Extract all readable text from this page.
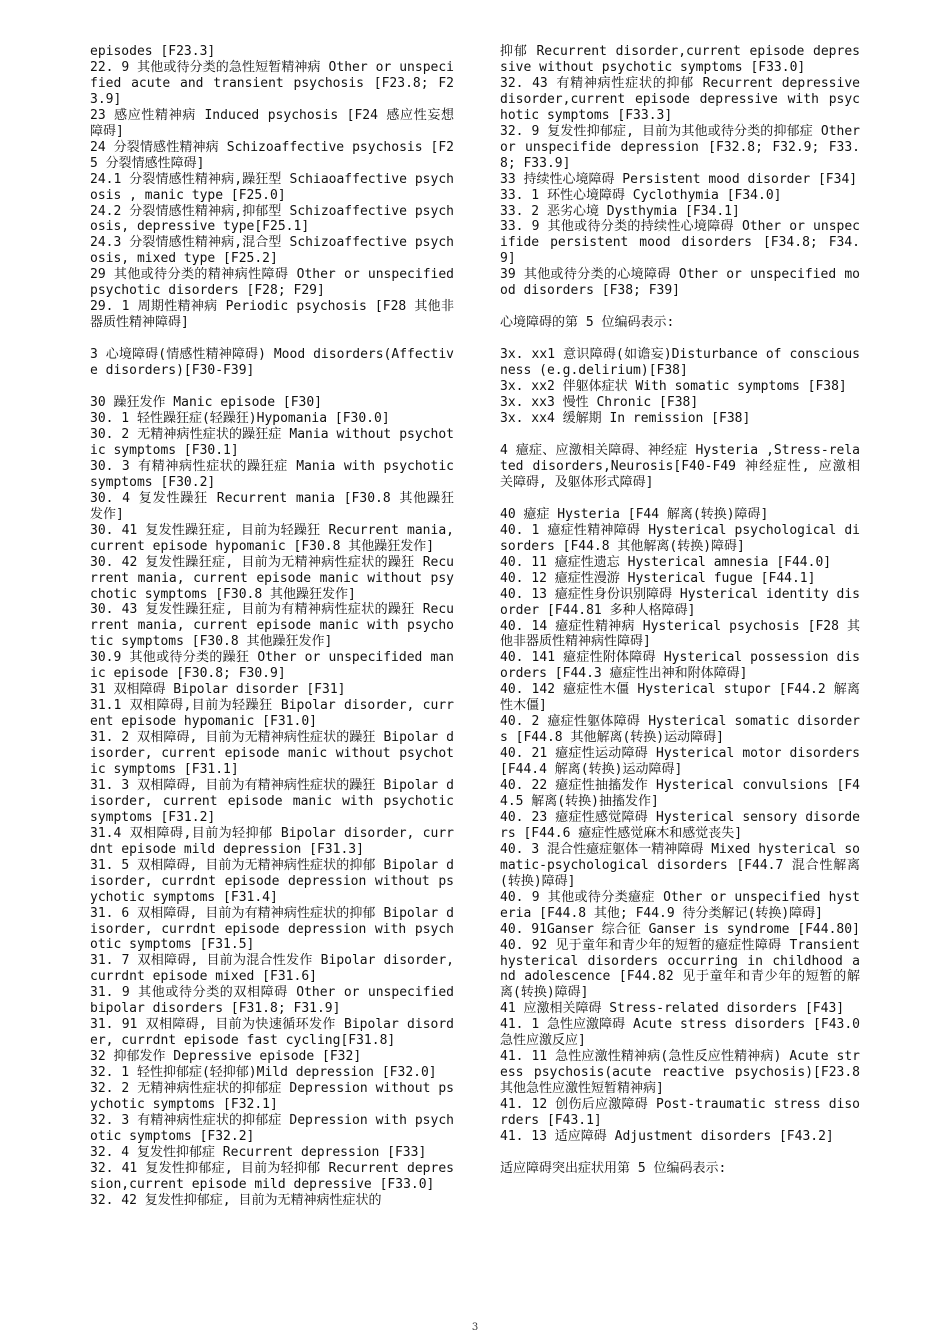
episodes [F23.3]
22. 9 其他或待分类的急性短暂精神病 Other or unspecified acute and transient psychosis [F23.8; F23.9]
23 感应性精神病 Induced psychosis [F24 感应性妄想障碍]
24 分裂情感性精神病 Schizoaffective psychosis [F25 分裂情感性障碍]
24.1 分裂情感性精神病,躁狂型 Schiaoaffective psychosis , manic type [F25.0]
24.2 分裂情感性精神病,抑郁型 Schizoaffective psychosis, depressive type[F25.1]
24.3 分裂情感性精神病,混合型 Schizoaffective psychosis, mixed type [F25.2]
29 其他或待分类的精神病性障碍 Other or unspecified psychotic disorders [F28; F29]
29. 1 周期性精神病 Periodic psychosis [F28 其他非器质性精神障碍]
3 心境障碍(情感性精神障碍) Mood disorders(Affective disorders)[F30-F39]
30 躁狂发作 Manic episode [F30]
30. 1 轻性躁狂症(轻躁狂)Hypomania [F30.0]
30. 2 无精神病性症状的躁狂症 Mania without psychotic symptoms [F30.1]
30. 3 有精神病性症状的躁狂症 Mania with psychotic symptoms [F30.2]
30. 4 复发性躁狂 Recurrent mania [F30.8 其他躁狂发作]
30. 41 复发性躁狂症, 目前为轻躁狂 Recurrent mania, current episode hypomanic [F30.8 其他躁狂发作]
30. 42 复发性躁狂症, 目前为无精神病性症状的躁狂 Recurrent mania, current episode manic without psychotic symptoms [F30.8 其他躁狂发作]
30. 43 复发性躁狂症, 目前为有精神病性症状的躁狂 Recurrent mania, current episode manic with psychotic symptoms [F30.8 其他躁狂发作]
30.9 其他或待分类的躁狂 Other or unspecifided manic episode [F30.8; F30.9]
31 双相障碍 Bipolar disorder [F31]
31.1 双相障碍,目前为轻躁狂 Bipolar disorder, current episode hypomanic [F31.0]
31. 2 双相障碍, 目前为无精神病性症状的躁狂 Bipolar disorder, current episode manic without psychotic symptoms [F31.1]
31. 3 双相障碍, 目前为有精神病性症状的躁狂 Bipolar disorder, current episode manic with psychotic symptoms [F31.2]
31.4 双相障碍,目前为轻抑郁 Bipolar disorder, currdnt episode mild depression [F31.3]
31. 5 双相障碍, 目前为无精神病性症状的抑郁 Bipolar disorder, currdnt episode depression without psychotic symptoms [F31.4]
31. 6 双相障碍, 目前为有精神病性症状的抑郁 Bipolar disorder, currdnt episode depression with psychotic symptoms [F31.5]
31. 7 双相障碍, 目前为混合性发作 Bipolar disorder, currdnt episode mixed [F31.6]
31. 9 其他或待分类的双相障碍 Other or unspecified bipolar disorders [F31.8; F31.9]
31. 91 双相障碍, 目前为快速循环发作 Bipolar disorder, currdnt episode fast cycling[F31.8]
32 抑郁发作 Depressive episode [F32]
32. 1 轻性抑郁症(轻抑郁)Mild depression [F32.0]
32. 2 无精神病性症状的抑郁症 Depression without psychotic symptoms [F32.1]
32. 3 有精神病性症状的抑郁症 Depression with psychotic symptoms [F32.2]
32. 4 复发性抑郁症 Recurrent depression [F33]
32. 41 复发性抑郁症, 目前为轻抑郁 Recurrent depression,current episode mild depressive [F33.0]
32. 42 复发性抑郁症, 目前为无精神病性症状的
抑郁 Recurrent disorder,current episode depressive without psychotic symptoms [F33.0]
32. 43 有精神病性症状的抑郁 Recurrent depressive disorder,current episode depressive with psychotic symptoms [F33.3]
32. 9 复发性抑郁症, 目前为其他或待分类的抑郁症 Other or unspecifide depression [F32.8; F32.9; F33.8; F33.9]
33 持续性心境障碍 Persistent mood disorder [F34]
33. 1 环性心境障碍 Cyclothymia [F34.0]
33. 2 恶劣心境 Dysthymia [F34.1]
33. 9 其他或待分类的持续性心境障碍 Other or unspecifide persistent mood disorders [F34.8; F34.9]
39 其他或待分类的心境障碍 Other or unspecified mood disorders [F38; F39]
心境障碍的第 5 位编码表示:
3x. xx1 意识障碍(如谵妄)Disturbance of consciousness (e.g.delirium)[F38]
3x. xx2 伴躯体症状 With somatic symptoms [F38]
3x. xx3 慢性 Chronic [F38]
3x. xx4 缓解期 In remission [F38]
4 癔症、应激相关障碍、神经症 Hysteria ,Stress-related disorders,Neurosis[F40-F49 神经症性, 应激相关障碍, 及躯体形式障碍]
40 癔症 Hysteria [F44 解离(转换)障碍]
40. 1 癔症性精神障碍 Hysterical psychological disorders [F44.8 其他解离(转换)障碍]
40. 11 癔症性遗忘 Hysterical amnesia [F44.0]
40. 12 癔症性漫游 Hysterical fugue [F44.1]
40. 13 癔症性身份识别障碍 Hysterical identity disorder [F44.81 多种人格障碍]
40. 14 癔症性精神病 Hysterical psychosis [F28 其他非器质性精神病性障碍]
40. 141 癔症性附体障碍 Hysterical possession disorders [F44.3 癔症性出神和附体障碍]
40. 142 癔症性木僵 Hysterical stupor [F44.2 解离性木僵]
40. 2 癔症性躯体障碍 Hysterical somatic disorders [F44.8 其他解离(转换)运动障碍]
40. 21 癔症性运动障碍 Hysterical motor disorders [F44.4 解离(转换)运动障碍]
40. 22 癔症性抽搐发作 Hysterical convulsions [F44.5 解离(转换)抽搐发作]
40. 23 癔症性感觉障碍 Hysterical sensory disorders [F44.6 癔症性感觉麻木和感觉丧失]
40. 3 混合性癔症躯体一精神障碍 Mixed hysterical somatic-psychological disorders [F44.7 混合性解离(转换)障碍]
40. 9 其他或待分类癔症 Other or unspecified hysteria [F44.8 其他; F44.9 待分类解记(转换)障碍]
40. 91Ganser 综合征 Ganser is syndrome [F44.80]
40. 92 见于童年和青少年的短暂的癔症性障碍 Transient hysterical disorders occurring in childhood and adolescence [F44.82 见于童年和青少年的短暂的解离(转换)障碍]
41 应激相关障碍 Stress-related disorders [F43]
41. 1 急性应激障碍 Acute stress disorders [F43.0 急性应激反应]
41. 11 急性应激性精神病(急性反应性精神病) Acute stress psychosis(acute reactive psychosis)[F23.8 其他急性应激性短暂精神病]
41. 12 创伤后应激障碍 Post-traumatic stress disorders [F43.1]
41. 13 适应障碍 Adjustment disorders [F43.2]
适应障碍突出症状用第 5 位编码表示:
3
